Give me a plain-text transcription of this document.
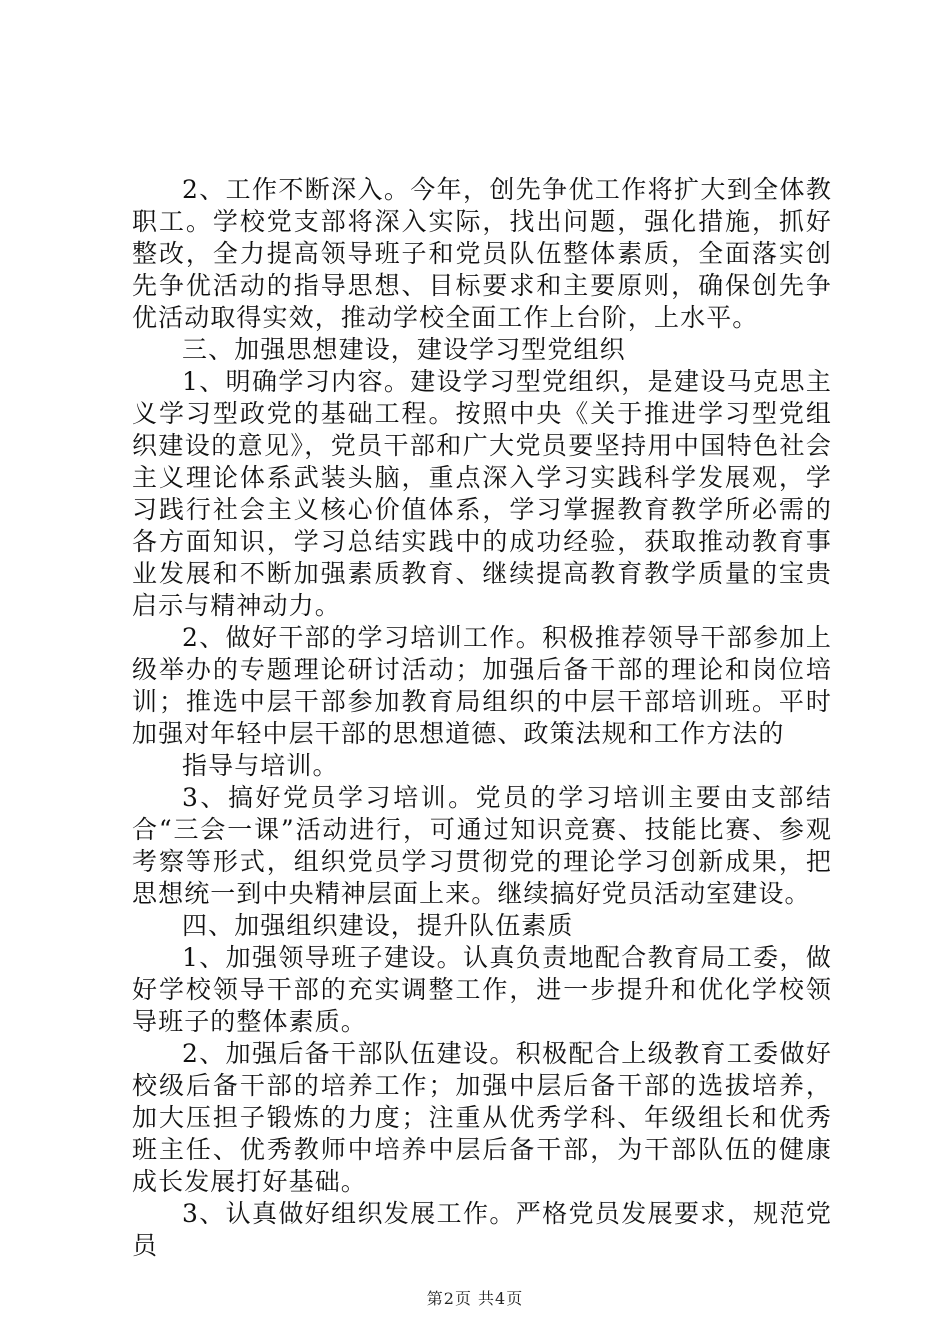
2、工作不断深入。今年，创先争优工作将扩大到全体教职工。学校党支部将深入实际，找出问题，强化措施，抓好整改，全力提高领导班子和党员队伍整体素质，全面落实创先争优活动的指导思想、目标要求和主要原则，确保创先争优活动取得实效，推动学校全面工作上台阶，上水平。

三、加强思想建设，建设学习型党组织

1、明确学习内容。建设学习型党组织，是建设马克思主义学习型政党的基础工程。按照中央《关于推进学习型党组织建设的意见》，党员干部和广大党员要坚持用中国特色社会主义理论体系武装头脑，重点深入学习实践科学发展观，学习践行社会主义核心价值体系，学习掌握教育教学所必需的各方面知识，学习总结实践中的成功经验，获取推动教育事业发展和不断加强素质教育、继续提高教育教学质量的宝贵启示与精神动力。

2、做好干部的学习培训工作。积极推荐领导干部参加上级举办的专题理论研讨活动；加强后备干部的理论和岗位培训；推选中层干部参加教育局组织的中层干部培训班。平时加强对年轻中层干部的思想道德、政策法规和工作方法的

指导与培训。

3、搞好党员学习培训。党员的学习培训主要由支部结合“三会一课”活动进行，可通过知识竞赛、技能比赛、参观考察等形式，组织党员学习贯彻党的理论学习创新成果，把思想统一到中央精神层面上来。继续搞好党员活动室建设。

四、加强组织建设，提升队伍素质

1、加强领导班子建设。认真负责地配合教育局工委，做好学校领导干部的充实调整工作，进一步提升和优化学校领导班子的整体素质。

2、加强后备干部队伍建设。积极配合上级教育工委做好校级后备干部的培养工作；加强中层后备干部的选拔培养，加大压担子锻炼的力度；注重从优秀学科、年级组长和优秀班主任、优秀教师中培养中层后备干部，为干部队伍的健康成长发展打好基础。

3、认真做好组织发展工作。严格党员发展要求，规范党员

第2页 共4页
